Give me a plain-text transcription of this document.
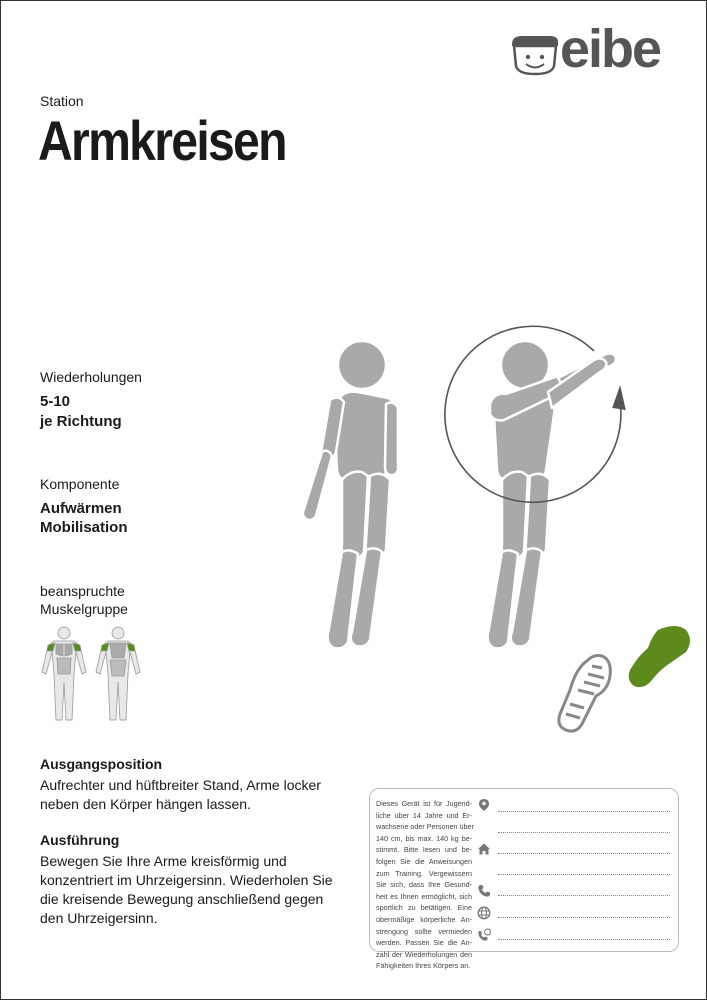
eibe
Station
Armkreisen
Wiederholungen
5-10
je Richtung
Komponente
Aufwärmen
Mobilisation
beanspruchte
Muskelgruppe
Ausgangsposition
Aufrechter und hüftbreiter Stand, Arme locker
neben den Körper hängen lassen.
Ausführung
Bewegen Sie Ihre Arme kreisförmig und
konzentriert im Uhrzeigersinn. Wiederholen Sie
die kreisende Bewegung anschließend gegen
den Uhrzeigersinn.
Dieses Gerät ist für Jugend-
liche über 14 Jahre und Er-
wachsene oder Personen über
140 cm, bis max. 140 kg be-
stimmt. Bitte lesen und be-
folgen Sie die Anweisungen
zum Training. Vergewissern
Sie sich, dass Ihre Gesund-
heit es Ihnen ermöglicht, sich
sportlich zu betätigen. Eine
übermäßige körperliche An-
strengung sollte vermieden
werden. Passen Sie die An-
zahl der Wiederholungen den
Fähigkeiten Ihres Körpers an.
